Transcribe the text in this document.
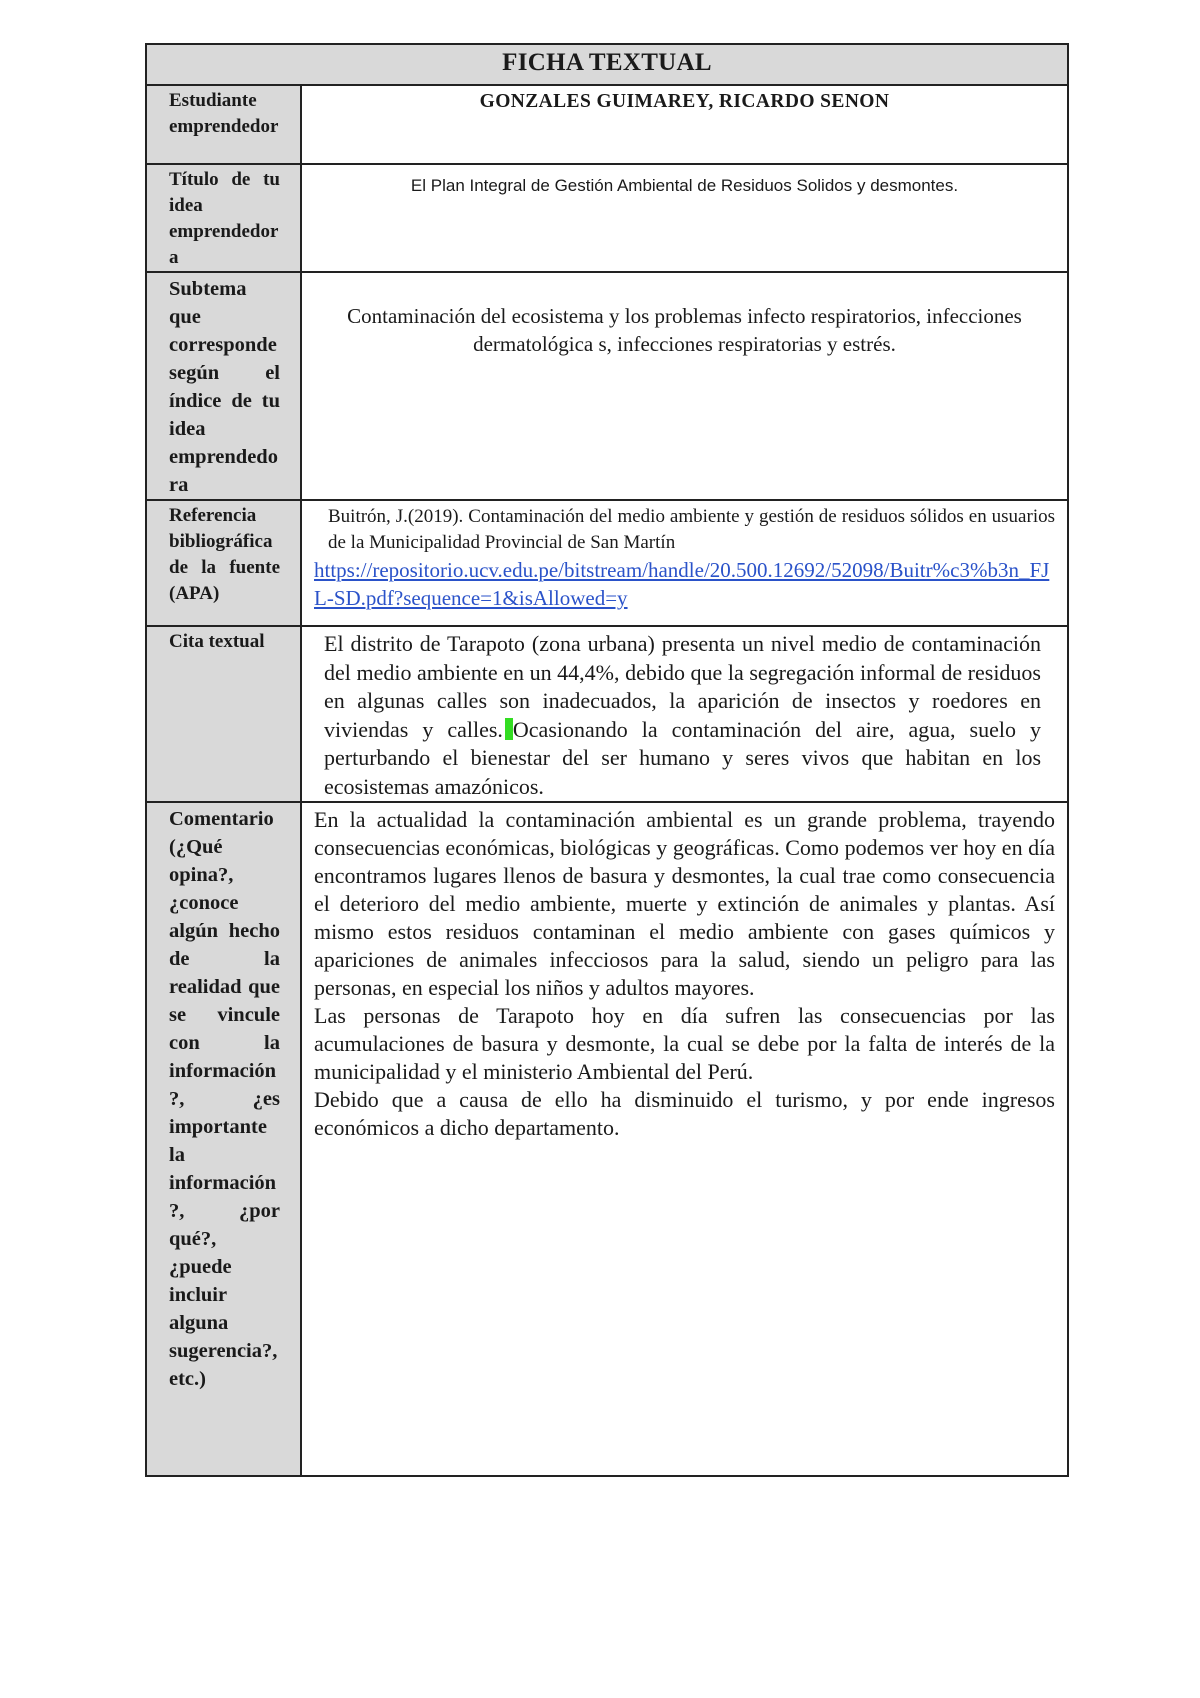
FICHA TEXTUAL	
Estudiante emprendedor	GONZALES GUIMAREY, RICARDO SENON

Título de tu idea emprendedora	El Plan Integral de Gestión Ambiental de Residuos Solidos y desmontes.

Subtema que corresponde según el índice de tu idea emprendedora	Contaminación del ecosistema y los problemas infecto respiratorios, infecciones dermatológica s, infecciones respiratorias y estrés.

Referencia bibliográfica de la fuente (APA)	Buitrón, J.(2019). Contaminación del medio ambiente y gestión de residuos sólidos en usuarios de la Municipalidad Provincial de San Martín
https://repositorio.ucv.edu.pe/bitstream/handle/20.500.12692/52098/Buitr%c3%b3n_FJL-SD.pdf?sequence=1&isAllowed=y

Cita textual	El distrito de Tarapoto (zona urbana) presenta un nivel medio de contaminación del medio ambiente en un 44,4%, debido que la segregación informal de residuos en algunas calles son inadecuados, la aparición de insectos y roedores en viviendas y calles. Ocasionando la contaminación del aire, agua, suelo y perturbando el bienestar del ser humano y seres vivos que habitan en los ecosistemas amazónicos.

Comentario (¿Qué opina?, ¿conoce algún hecho de la realidad que se vincule con la información?, ¿es importante la información?, ¿por qué?, ¿puede incluir alguna sugerencia?, etc.)	En la actualidad la contaminación ambiental es un grande problema, trayendo consecuencias económicas, biológicas y geográficas. Como podemos ver hoy en día encontramos lugares llenos de basura y desmontes, la cual trae como consecuencia el deterioro del medio ambiente, muerte y extinción de animales y plantas. Así mismo estos residuos contaminan el medio ambiente con gases químicos y apariciones de animales infecciosos para la salud, siendo un peligro para las personas, en especial los niños y adultos mayores.

Las personas de Tarapoto hoy en día sufren las consecuencias por las acumulaciones de basura y desmonte, la cual se debe por la falta de interés de la municipalidad y el ministerio Ambiental del Perú.

Debido que a causa de ello ha disminuido el turismo, y por ende ingresos económicos a dicho departamento.
